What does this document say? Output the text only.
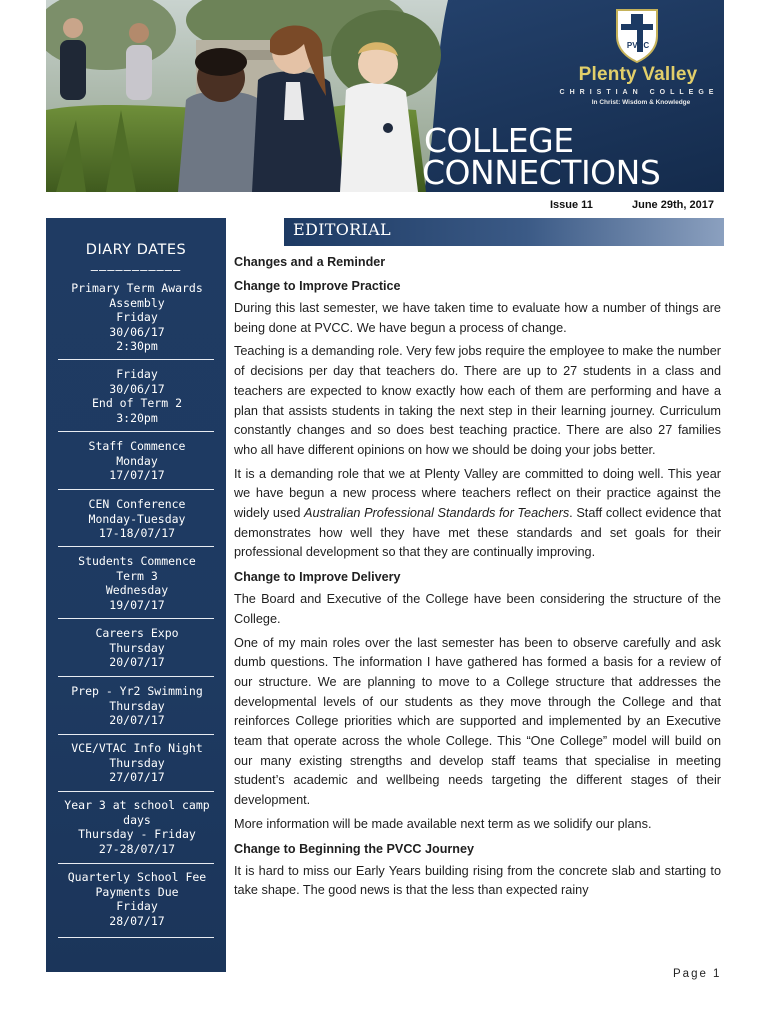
PVCC
Plenty Valley
CHRISTIAN COLLEGE
In Christ: Wisdom & Knowledge
COLLEGE
CONNECTIONS
Issue 11	June 29th, 2017
DIARY DATES
———————————
Primary Term Awards
Assembly
Friday
30/06/17
2:30pm
Friday
30/06/17
End of Term 2
3:20pm
Staff Commence
Monday
17/07/17
CEN Conference
Monday-Tuesday
17-18/07/17
Students Commence
Term 3
Wednesday
19/07/17
Careers Expo
Thursday
20/07/17
Prep - Yr2 Swimming
Thursday
20/07/17
VCE/VTAC Info Night
Thursday
27/07/17
Year 3 at school camp
days
Thursday - Friday
27-28/07/17
Quarterly School Fee
Payments Due
Friday
28/07/17
EDITORIAL
Changes and a Reminder
Change to Improve Practice

During this last semester, we have taken time to evaluate how a number of things are being done at PVCC. We have begun a process of change.

Teaching is a demanding role. Very few jobs require the employee to make the number of decisions per day that teachers do. There are up to 27 students in a class and teachers are expected to know exactly how each of them are performing and have a plan that assists students in taking the next step in their learning journey. Curriculum constantly changes and so does best teaching practice. There are also 27 families who all have different opinions on how we should be doing your jobs better.

It is a demanding role that we at Plenty Valley are committed to doing well. This year we have begun a new process where teachers reflect on their practice against the widely used Australian Professional Standards for Teachers. Staff collect evidence that demonstrates how well they have met these standards and set goals for their professional development so that they are continually improving.

Change to Improve Delivery

The Board and Executive of the College have been considering the structure of the College.

One of my main roles over the last semester has been to observe carefully and ask dumb questions. The information I have gathered has formed a basis for a review of our structure. We are planning to move to a College structure that addresses the developmental levels of our students as they move through the College and that reinforces College priorities which are supported and implemented by an Executive team that operate across the whole College. This “One College” model will build on our many existing strengths and develop staff teams that specialise in meeting student’s academic and wellbeing needs targeting the different stages of their development.

More information will be made available next term as we solidify our plans.

Change to Beginning the PVCC Journey

It is hard to miss our Early Years building rising from the concrete slab and starting to take shape. The good news is that the less than expected rainy

Page 1
